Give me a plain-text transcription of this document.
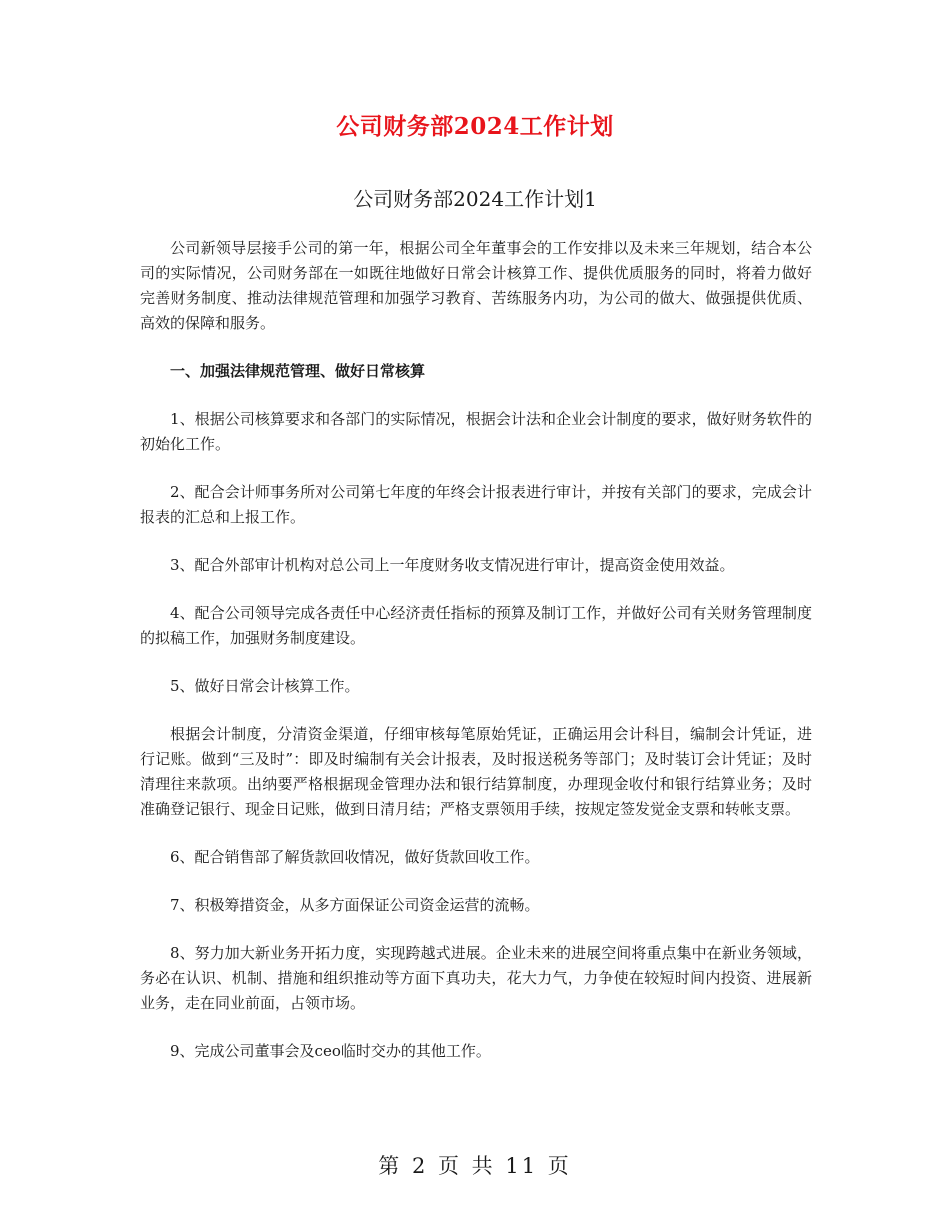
公司财务部2024工作计划
公司财务部2024工作计划1

公司新领导层接手公司的第一年，根据公司全年董事会的工作安排以及未来三年规划，结合本公司的实际情况，公司财务部在一如既往地做好日常会计核算工作、提供优质服务的同时，将着力做好完善财务制度、推动法律规范管理和加强学习教育、苦练服务内功，为公司的做大、做强提供优质、高效的保障和服务。

一、加强法律规范管理、做好日常核算

1、根据公司核算要求和各部门的实际情况，根据会计法和企业会计制度的要求，做好财务软件的初始化工作。

2、配合会计师事务所对公司第七年度的年终会计报表进行审计，并按有关部门的要求，完成会计报表的汇总和上报工作。

3、配合外部审计机构对总公司上一年度财务收支情况进行审计，提高资金使用效益。

4、配合公司领导完成各责任中心经济责任指标的预算及制订工作，并做好公司有关财务管理制度的拟稿工作，加强财务制度建设。

5、做好日常会计核算工作。

根据会计制度，分清资金渠道，仔细审核每笔原始凭证，正确运用会计科目，编制会计凭证，进行记账。做到“三及时”：即及时编制有关会计报表，及时报送税务等部门；及时装订会计凭证；及时清理往来款项。出纳要严格根据现金管理办法和银行结算制度，办理现金收付和银行结算业务；及时准确登记银行、现金日记账，做到日清月结；严格支票领用手续，按规定签发觉金支票和转帐支票。

6、配合销售部了解货款回收情况，做好货款回收工作。

7、积极筹措资金，从多方面保证公司资金运营的流畅。

8、努力加大新业务开拓力度，实现跨越式进展。企业未来的进展空间将重点集中在新业务领域，务必在认识、机制、措施和组织推动等方面下真功夫，花大力气，力争使在较短时间内投资、进展新业务，走在同业前面，占领市场。

9、完成公司董事会及ceo临时交办的其他工作。

第 2 页 共 11 页
